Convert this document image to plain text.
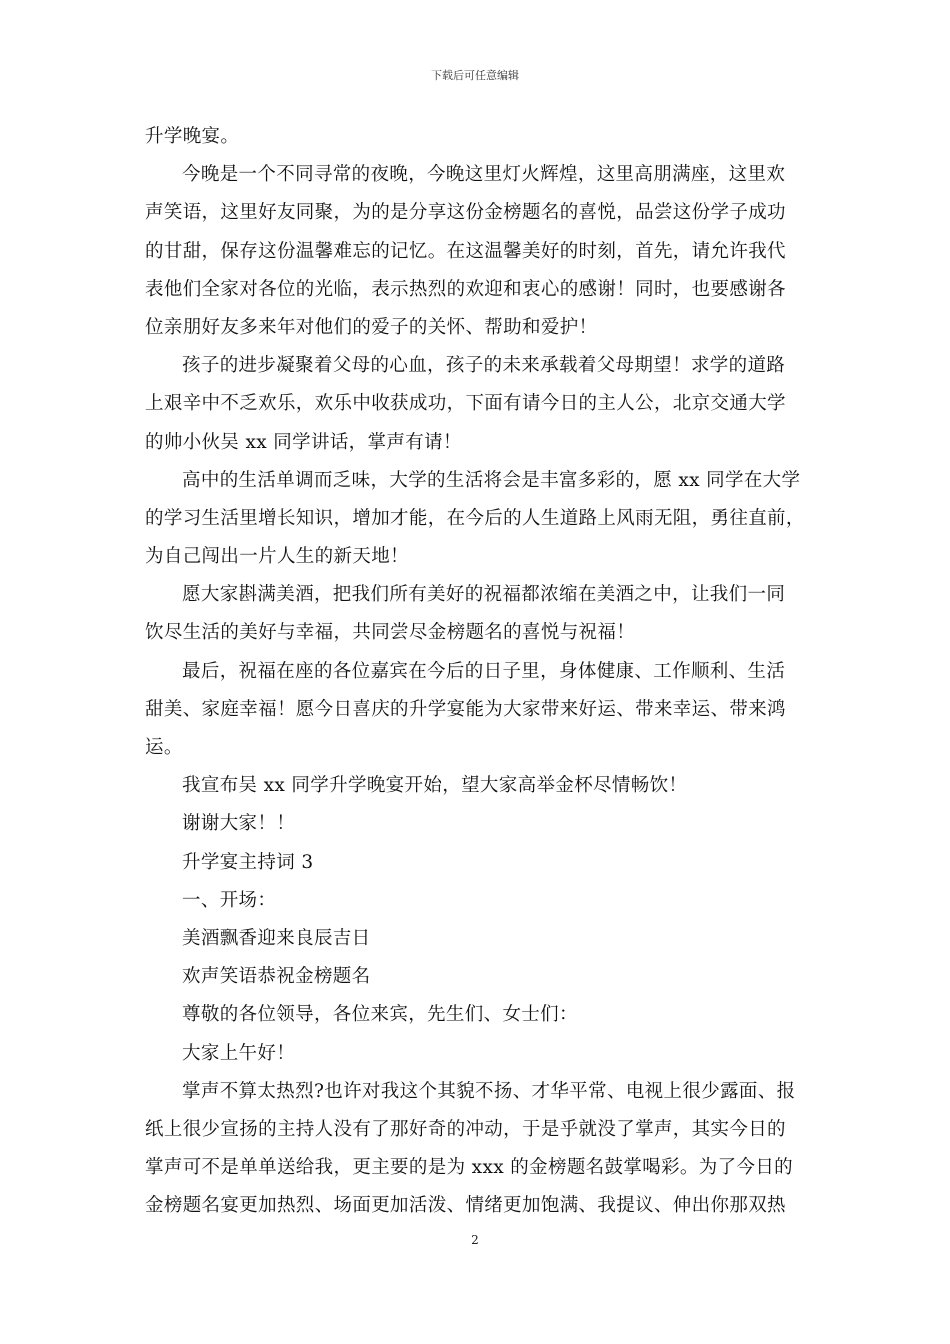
下载后可任意编辑
升学晚宴。
今晚是一个不同寻常的夜晚，今晚这里灯火辉煌，这里高朋满座，这里欢
声笑语，这里好友同聚，为的是分享这份金榜题名的喜悦，品尝这份学子成功
的甘甜，保存这份温馨难忘的记忆。在这温馨美好的时刻，首先，请允许我代
表他们全家对各位的光临，表示热烈的欢迎和衷心的感谢！同时，也要感谢各
位亲朋好友多来年对他们的爱子的关怀、帮助和爱护！
孩子的进步凝聚着父母的心血，孩子的未来承载着父母期望！求学的道路
上艰辛中不乏欢乐，欢乐中收获成功，下面有请今日的主人公，北京交通大学
的帅小伙吴 xx 同学讲话，掌声有请！
高中的生活单调而乏味，大学的生活将会是丰富多彩的，愿 xx 同学在大学
的学习生活里增长知识，增加才能，在今后的人生道路上风雨无阻，勇往直前，
为自己闯出一片人生的新天地！
愿大家斟满美酒，把我们所有美好的祝福都浓缩在美酒之中，让我们一同
饮尽生活的美好与幸福，共同尝尽金榜题名的喜悦与祝福！
最后，祝福在座的各位嘉宾在今后的日子里，身体健康、工作顺利、生活
甜美、家庭幸福！愿今日喜庆的升学宴能为大家带来好运、带来幸运、带来鸿
运。
我宣布吴 xx 同学升学晚宴开始，望大家高举金杯尽情畅饮！
谢谢大家！！
升学宴主持词 3
一、开场：
美酒飘香迎来良辰吉日
欢声笑语恭祝金榜题名
尊敬的各位领导，各位来宾，先生们、女士们：
大家上午好！
掌声不算太热烈?也许对我这个其貌不扬、才华平常、电视上很少露面、报
纸上很少宣扬的主持人没有了那好奇的冲动，于是乎就没了掌声，其实今日的
掌声可不是单单送给我，更主要的是为 xxx 的金榜题名鼓掌喝彩。为了今日的
金榜题名宴更加热烈、场面更加活泼、情绪更加饱满、我提议、伸出你那双热
2
